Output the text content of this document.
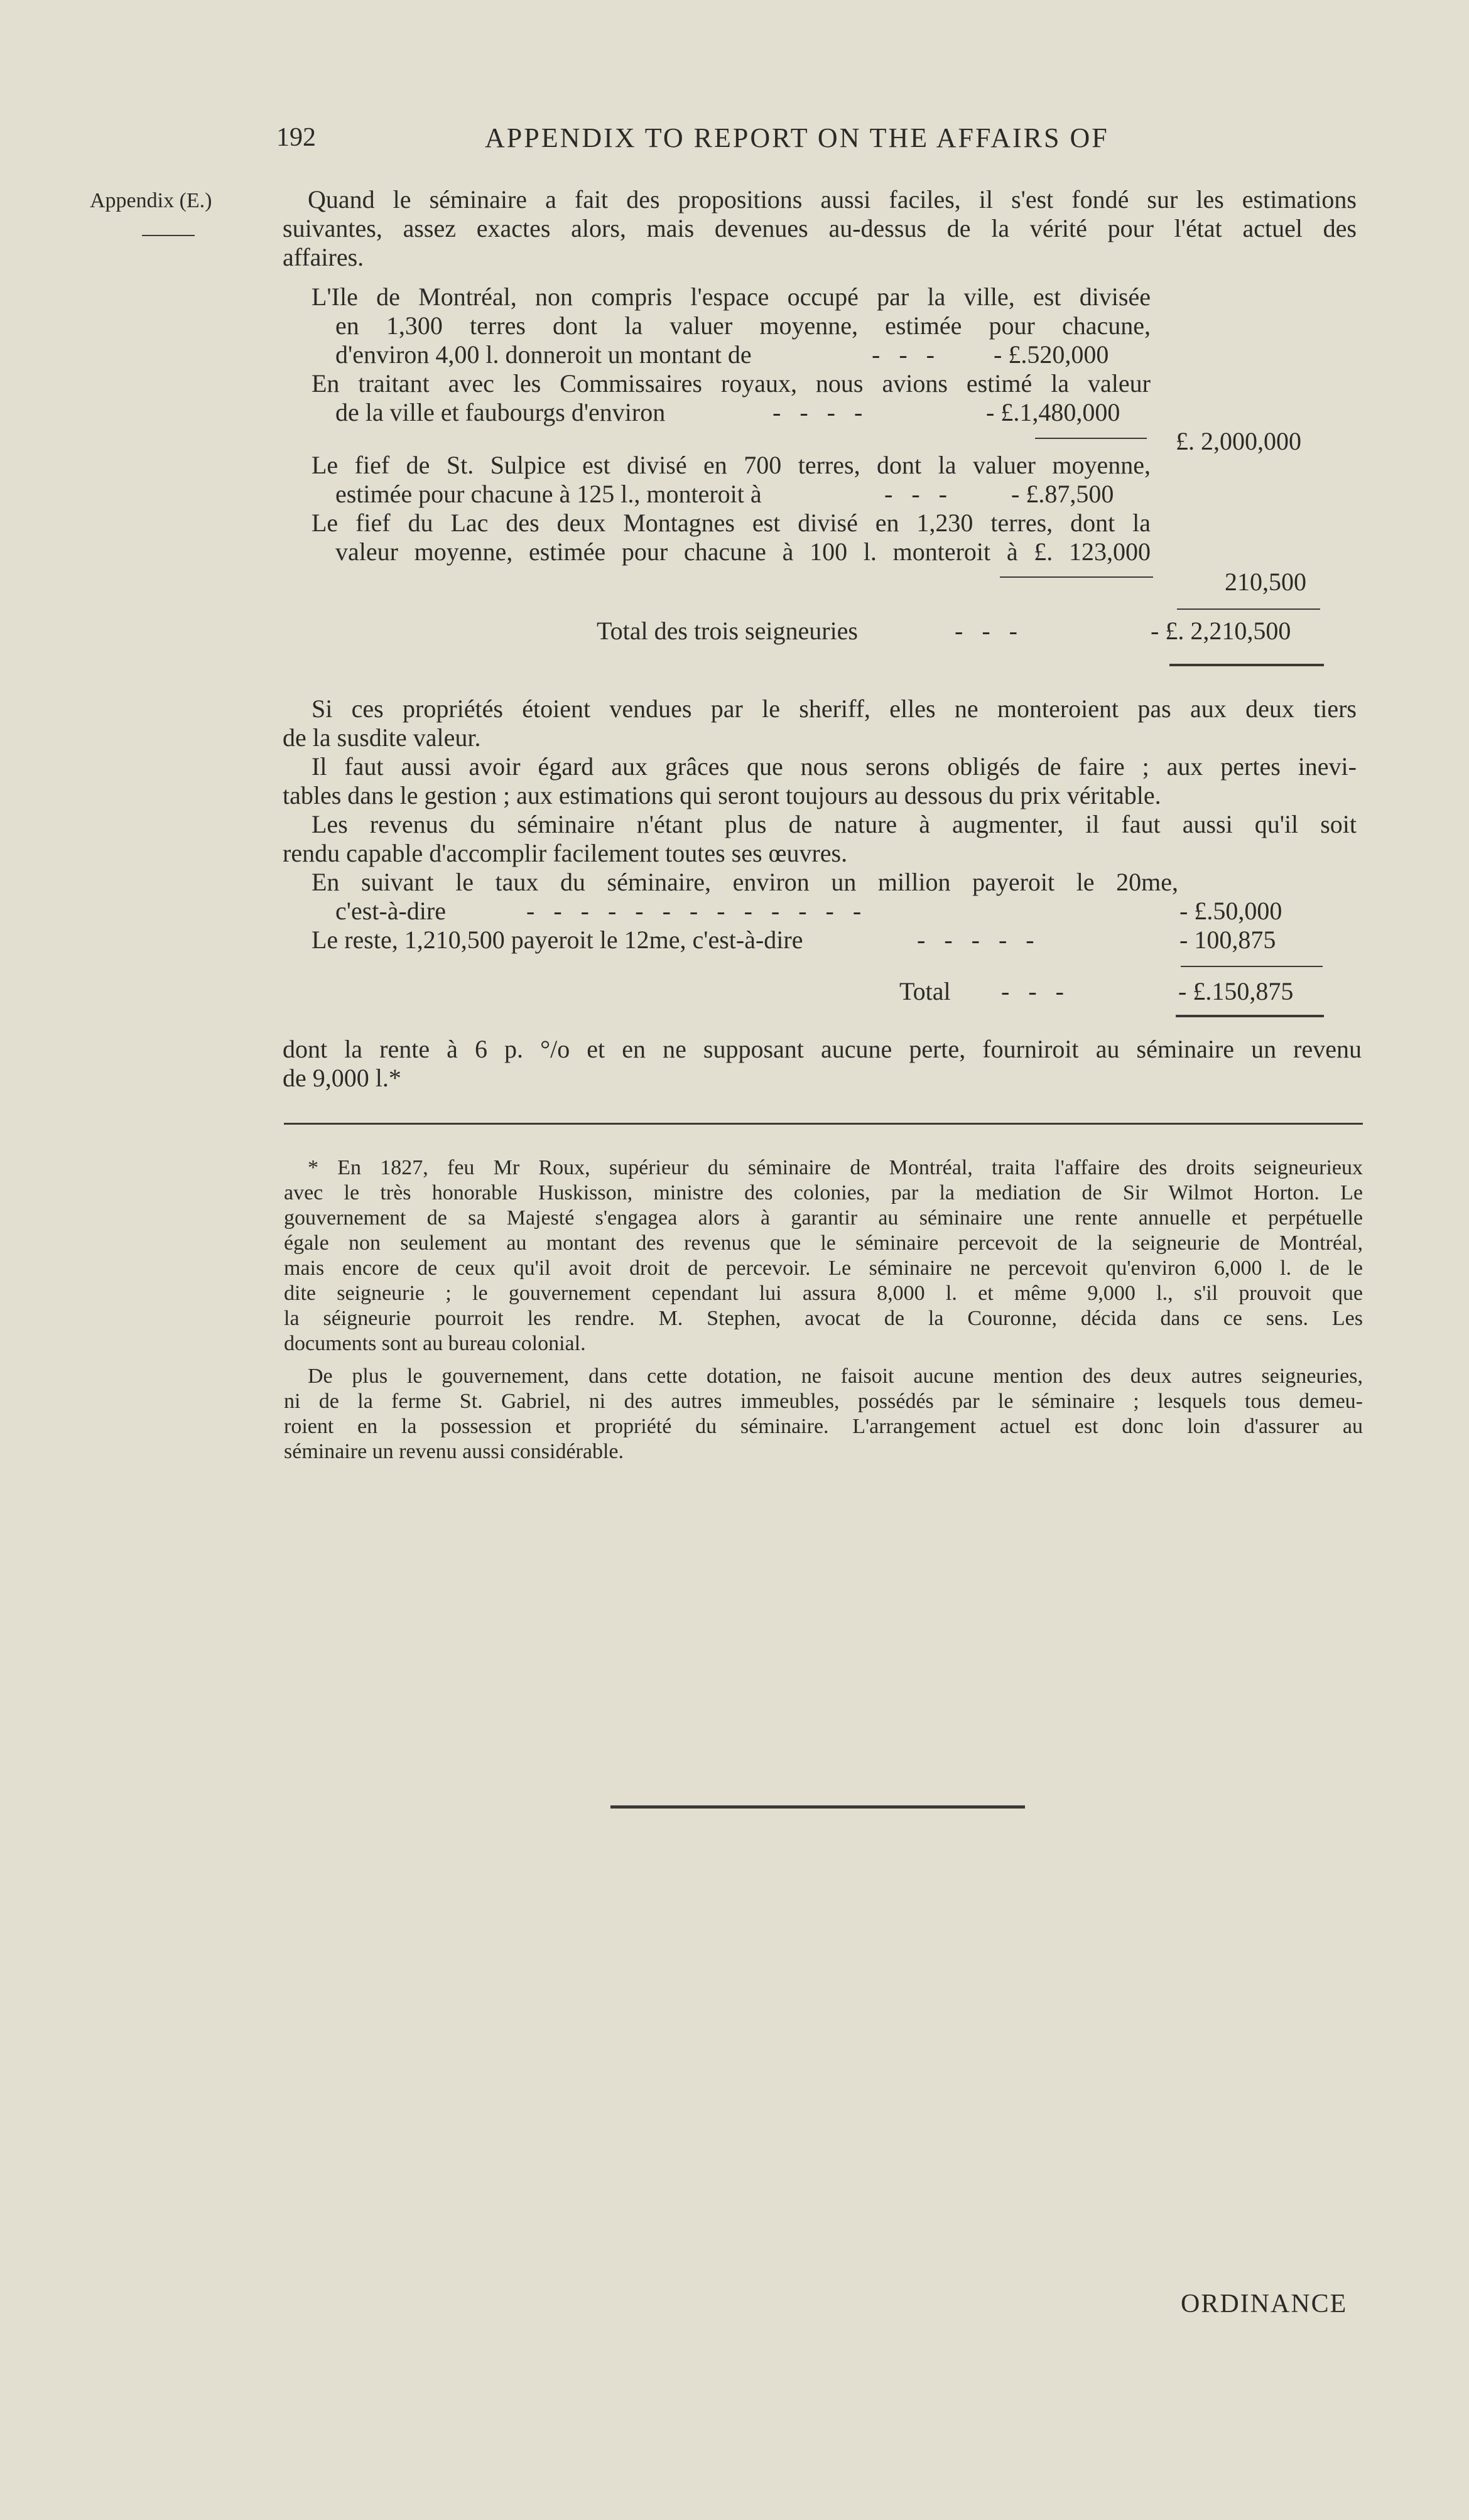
192	APPENDIX TO REPORT ON THE AFFAIRS OF
Appendix (E.)	Quand le séminaire a fait des propositions aussi faciles, il s'est fondé sur les estimations
suivantes, assez exactes alors, mais devenues au-dessus de la vérité pour l'état actuel des
affaires.
L'Ile de Montréal, non compris l'espace occupé par la ville, est divisée
en 1,300 terres dont la valuer moyenne, estimée pour chacune,
d'environ 4,00 l. donneroit un montant de	--- - £.520,000
En traitant avec les Commissaires royaux, nous avions estimé la valeur
de la ville et faubourgs d'environ	----	- £.1,480,000
£. 2,000,000
Le fief de St. Sulpice est divisé en 700 terres, dont la valuer moyenne,
estimée pour chacune à 125 l., monteroit à	--- - £.87,500
Le fief du Lac des deux Montagnes est divisé en 1,230 terres, dont la
valeur moyenne, estimée pour chacune à 100 l. monteroit à £. 123,000
210,500
Total des trois seigneuries	---	- £. 2,210,500
Si ces propriétés étoient vendues par le sheriff, elles ne monteroient pas aux deux tiers
de la susdite valeur.
Il faut aussi avoir égard aux grâces que nous serons obligés de faire ; aux pertes inevi-
tables dans le gestion ; aux estimations qui seront toujours au dessous du prix véritable.
Les revenus du séminaire n'étant plus de nature à augmenter, il faut aussi qu'il soit
rendu capable d'accomplir facilement toutes ses œuvres.
En suivant le taux du séminaire, environ un million payeroit le 20me,
c'est-à-dire	-------------	- £.50,000
Le reste, 1,210,500 payeroit le 12me, c'est-à-dire	-----	- 100,875
Total ---	- £.150,875
dont la rente à 6 p. °/o et en ne supposant aucune perte, fourniroit au séminaire un revenu
de 9,000 l.*
* En 1827, feu Mr Roux, supérieur du séminaire de Montréal, traita l'affaire des droits seigneurieux
avec le très honorable Huskisson, ministre des colonies, par la mediation de Sir Wilmot Horton. Le
gouvernement de sa Majesté s'engagea alors à garantir au séminaire une rente annuelle et perpétuelle
égale non seulement au montant des revenus que le séminaire percevoit de la seigneurie de Montréal,
mais encore de ceux qu'il avoit droit de percevoir. Le séminaire ne percevoit qu'environ 6,000 l. de le
dite seigneurie ; le gouvernement cependant lui assura 8,000 l. et même 9,000 l., s'il prouvoit que
la séigneurie pourroit les rendre. M. Stephen, avocat de la Couronne, décida dans ce sens. Les
documents sont au bureau colonial.
De plus le gouvernement, dans cette dotation, ne faisoit aucune mention des deux autres seigneuries,
ni de la ferme St. Gabriel, ni des autres immeubles, possédés par le séminaire ; lesquels tous demeu-
roient en la possession et propriété du séminaire. L'arrangement actuel est donc loin d'assurer au
séminaire un revenu aussi considérable.
ORDINANCE
